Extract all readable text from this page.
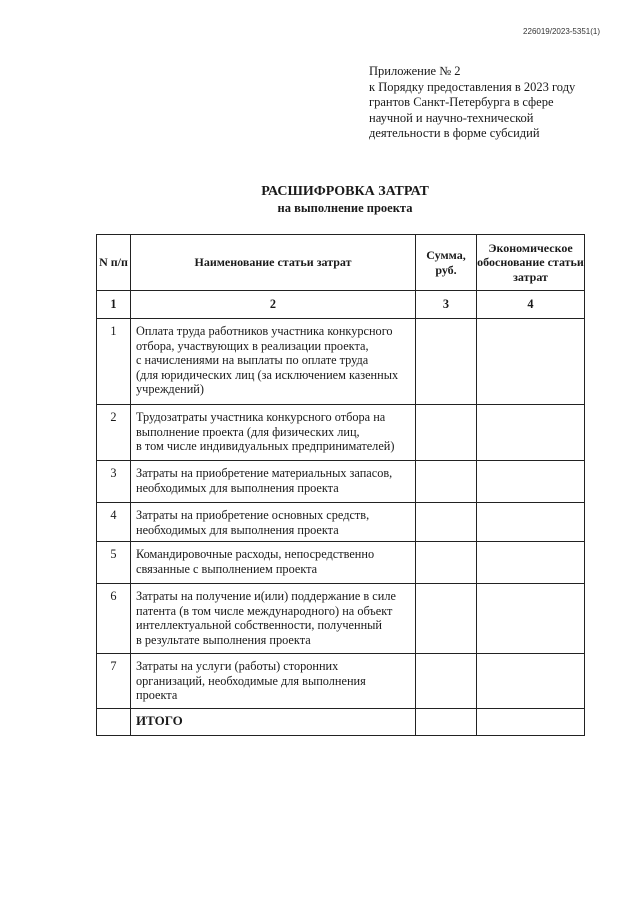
226019/2023-5351(1)
Приложение № 2
к Порядку предоставления в 2023 году
грантов Санкт-Петербурга в сфере
научной и научно-технической
деятельности в форме субсидий
РАСШИФРОВКА ЗАТРАТ
на выполнение проекта
N п/п	Наименование статьи затрат	Сумма, руб.	Экономическое обоснование статьи затрат
1	2	3	4
1	Оплата труда работников участника конкурсного
отбора, участвующих в реализации проекта,
с начислениями на выплаты по оплате труда
(для юридических лиц (за исключением казенных
учреждений)		

2	Трудозатраты участника конкурсного отбора на
выполнение проекта (для физических лиц,
в том числе индивидуальных предпринимателей)		

3	Затраты на приобретение материальных запасов,
необходимых для выполнения проекта		

4	Затраты на приобретение основных средств,
необходимых для выполнения проекта		

5	Командировочные расходы, непосредственно
связанные с выполнением проекта		

6	Затраты на получение и(или) поддержание в силе
патента (в том числе международного) на объект
интеллектуальной собственности, полученный
в результате выполнения проекта		

7	Затраты на услуги (работы) сторонних
организаций, необходимые для выполнения
проекта		

	ИТОГО		
